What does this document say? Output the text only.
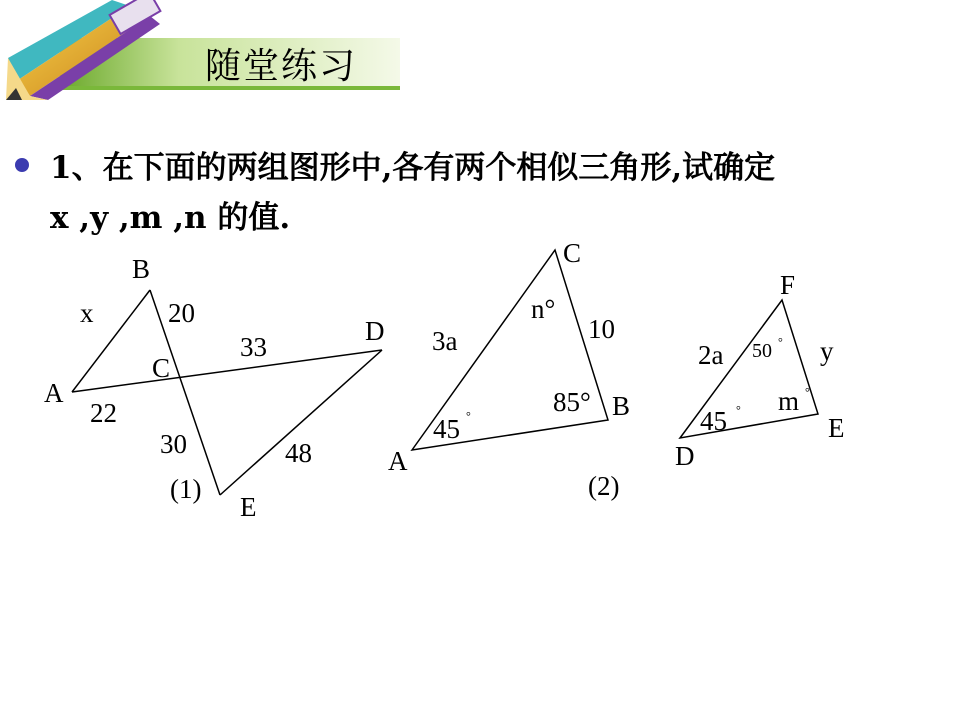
随堂练习
1、在下面的两组图形中,各有两个相似三角形,试确定
x ,y ,m ,n 的值.
B
x	20
33
D
C
A
22
30	48
(1)
E
C
n°
10
3a
85° B
45
A
(2)
°
F
y
2a
m
45	E
D
50 °
°
°
